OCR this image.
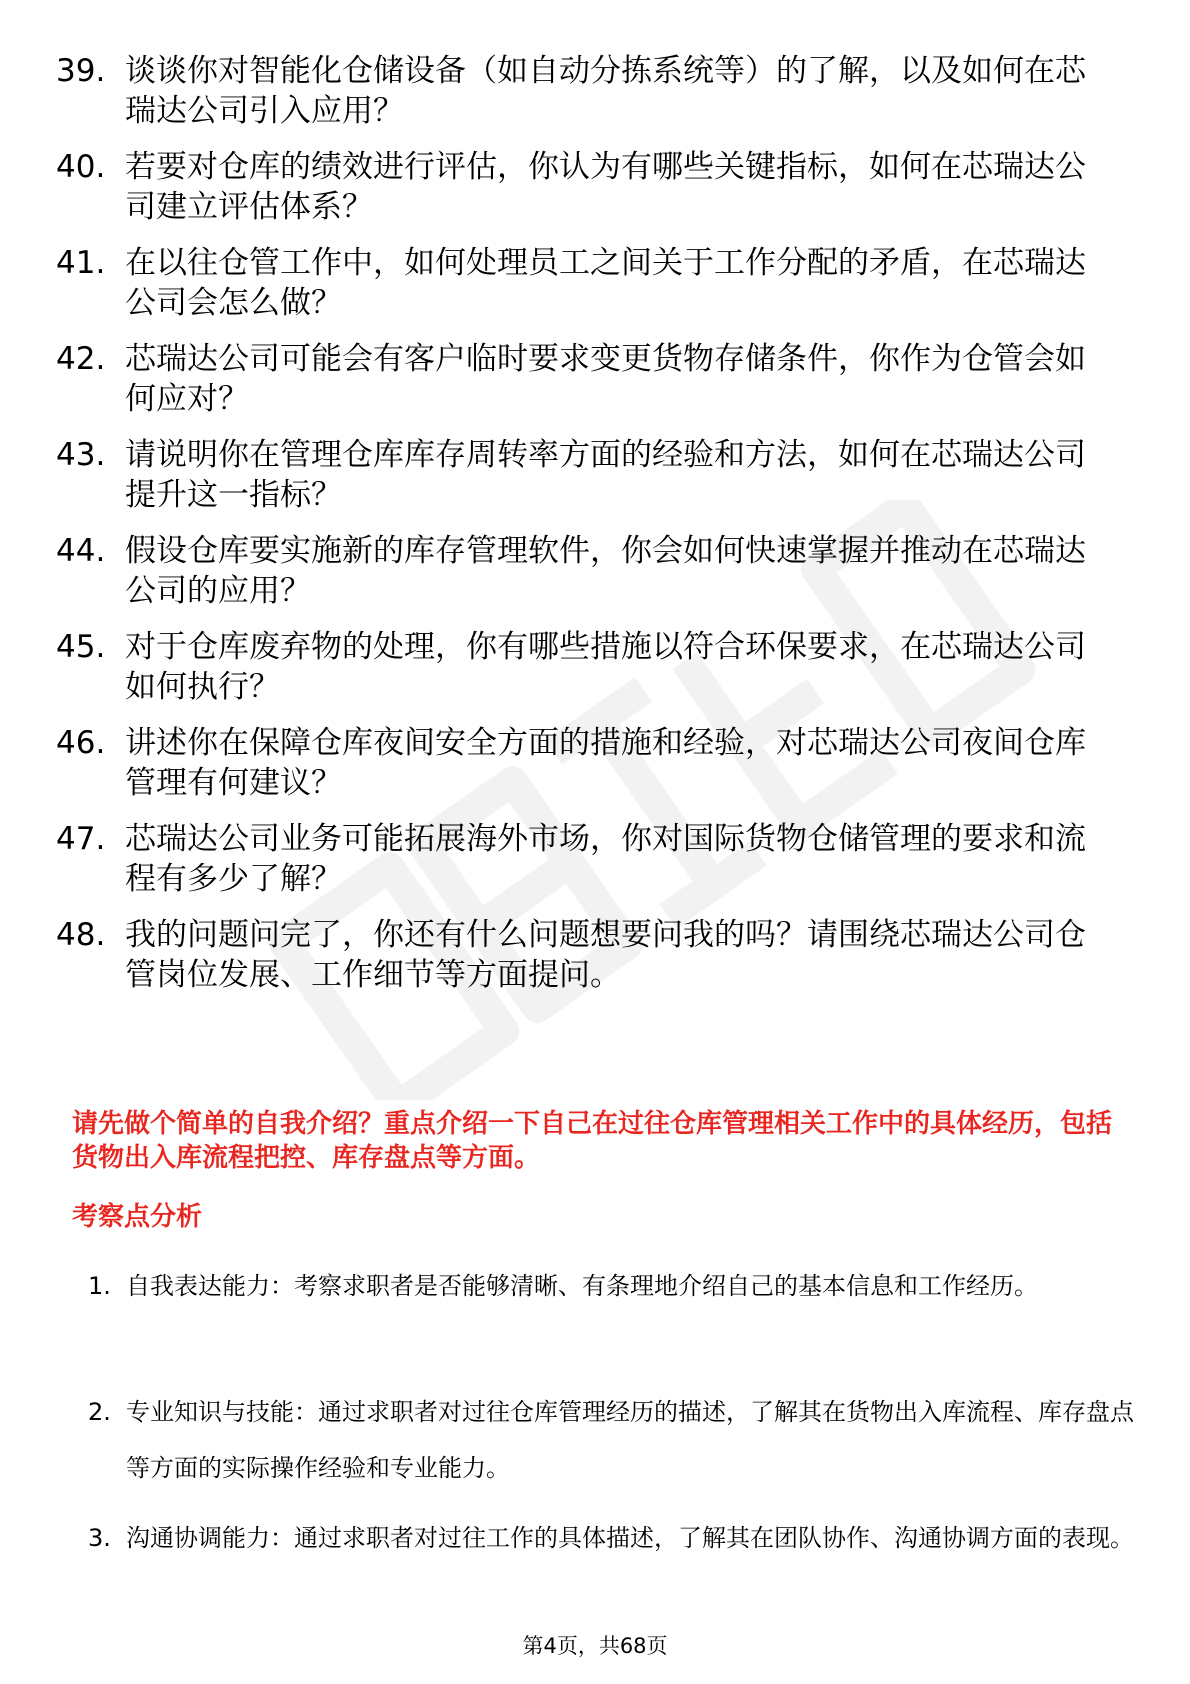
39. 谈谈你对智能化仓储设备（如自动分拣系统等）的了解，以及如何在芯瑞达公司引入应用？
40. 若要对仓库的绩效进行评估，你认为有哪些关键指标，如何在芯瑞达公司建立评估体系？
41. 在以往仓管工作中，如何处理员工之间关于工作分配的矛盾，在芯瑞达公司会怎么做？
42. 芯瑞达公司可能会有客户临时要求变更货物存储条件，你作为仓管会如何应对？
43. 请说明你在管理仓库库存周转率方面的经验和方法，如何在芯瑞达公司提升这一指标？
44. 假设仓库要实施新的库存管理软件，你会如何快速掌握并推动在芯瑞达公司的应用？
45. 对于仓库废弃物的处理，你有哪些措施以符合环保要求，在芯瑞达公司如何执行？
46. 讲述你在保障仓库夜间安全方面的措施和经验，对芯瑞达公司夜间仓库管理有何建议？
47. 芯瑞达公司业务可能拓展海外市场，你对国际货物仓储管理的要求和流程有多少了解？
48. 我的问题问完了，你还有什么问题想要问我的吗？请围绕芯瑞达公司仓管岗位发展、工作细节等方面提问。
请先做个简单的自我介绍？重点介绍一下自己在过往仓库管理相关工作中的具体经历，包括货物出入库流程把控、库存盘点等方面。
考察点分析
1. 自我表达能力：考察求职者是否能够清晰、有条理地介绍自己的基本信息和工作经历。
2. 专业知识与技能：通过求职者对过往仓库管理经历的描述，了解其在货物出入库流程、库存盘点等方面的实际操作经验和专业能力。
3. 沟通协调能力：通过求职者对过往工作的具体描述，了解其在团队协作、沟通协调方面的表现。
第4页，共68页
